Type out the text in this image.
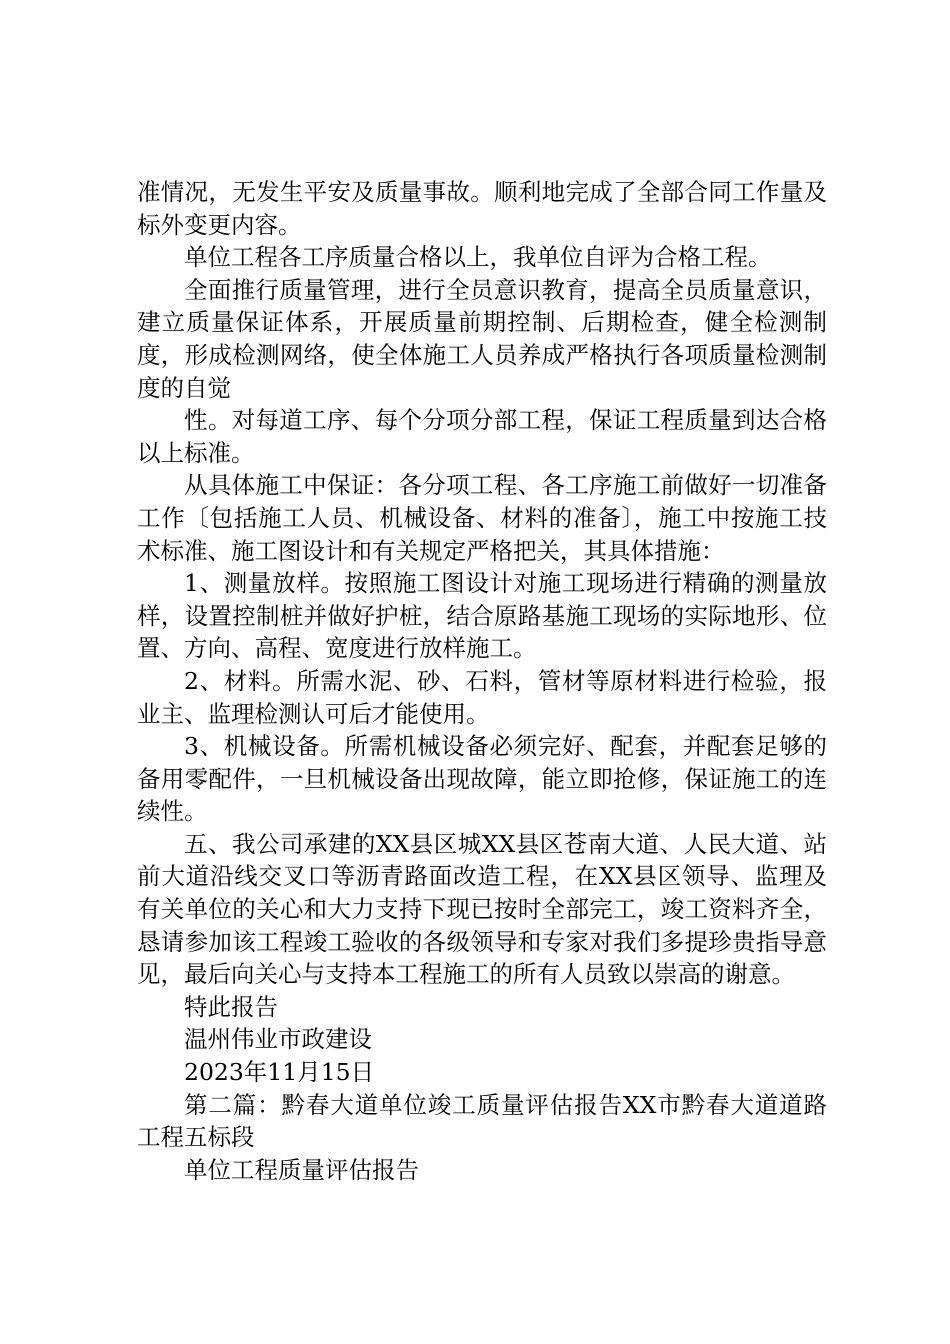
准情况，无发生平安及质量事故。顺利地完成了全部合同工作量及标外变更内容。

单位工程各工序质量合格以上，我单位自评为合格工程。

全面推行质量管理，进行全员意识教育，提高全员质量意识，建立质量保证体系，开展质量前期控制、后期检查，健全检测制度，形成检测网络，使全体施工人员养成严格执行各项质量检测制度的自觉

性。对每道工序、每个分项分部工程，保证工程质量到达合格以上标准。

从具体施工中保证：各分项工程、各工序施工前做好一切准备工作〔包括施工人员、机械设备、材料的准备〕，施工中按施工技术标准、施工图设计和有关规定严格把关，其具体措施：

1、测量放样。按照施工图设计对施工现场进行精确的测量放样，设置控制桩并做好护桩，结合原路基施工现场的实际地形、位置、方向、高程、宽度进行放样施工。

2、材料。所需水泥、砂、石料，管材等原材料进行检验，报业主、监理检测认可后才能使用。

3、机械设备。所需机械设备必须完好、配套，并配套足够的备用零配件，一旦机械设备出现故障，能立即抢修，保证施工的连续性。

五、我公司承建的XX县区城XX县区苍南大道、人民大道、站前大道沿线交叉口等沥青路面改造工程，在XX县区领导、监理及有关单位的关心和大力支持下现已按时全部完工，竣工资料齐全，恳请参加该工程竣工验收的各级领导和专家对我们多提珍贵指导意见，最后向关心与支持本工程施工的所有人员致以崇高的谢意。

特此报告

温州伟业市政建设

2023年11月15日

第二篇：黔春大道单位竣工质量评估报告XX市黔春大道道路工程五标段

单位工程质量评估报告
